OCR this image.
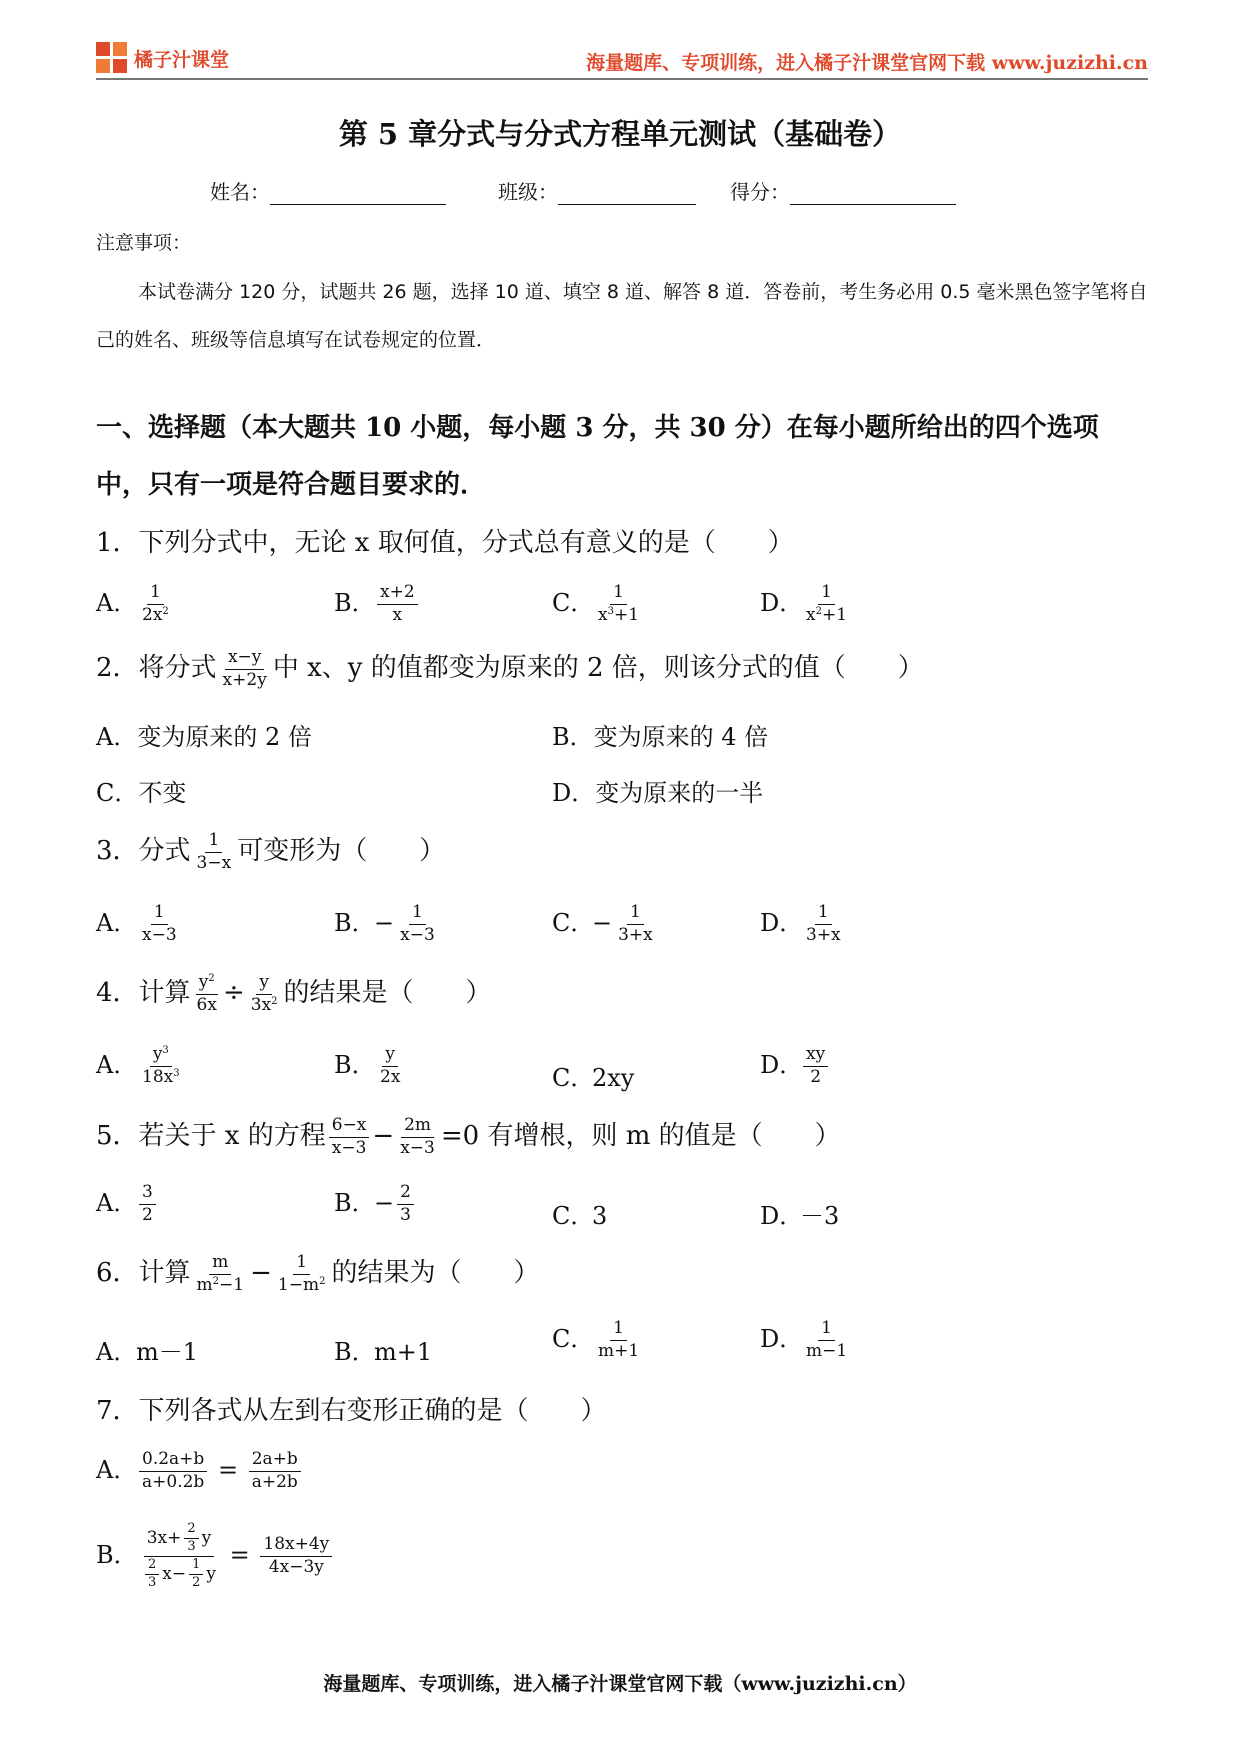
橘子汁课堂	海量题库、专项训练，进入橘子汁课堂官网下载 www.juzizhi.cn
第 5 章分式与分式方程单元测试（基础卷）
姓名：	班级：	得分：
注意事项：
本试卷满分 120 分，试题共 26 题，选择 10 道、填空 8 道、解答 8 道．答卷前，考生务必用 0.5 毫米黑色签字笔将自己的姓名、班级等信息填写在试卷规定的位置．
一、选择题（本大题共 10 小题，每小题 3 分，共 30 分）在每小题所给出的四个选项中，只有一项是符合题目要求的．
1．下列分式中，无论 x 取何值，分式总有意义的是（　　）
A． $\frac{1}{2x^2}$	B． $\frac{x+2}{x}$	C． $\frac{1}{x^3+1}$	D． $\frac{1}{x^2+1}$
2．将分式 $\frac{x-y}{x+2y}$ 中 x、y 的值都变为原来的 2 倍，则该分式的值（　　）
A．变为原来的 2 倍	B．变为原来的 4 倍
C．不变	D．变为原来的一半
3．分式 $\frac{1}{3-x}$ 可变形为（　　）
A． $\frac{1}{x-3}$	B．− $\frac{1}{x-3}$	C．− $\frac{1}{3+x}$	D． $\frac{1}{3+x}$
4．计算 $\frac{y^2}{6x} \div \frac{y}{3x^2}$ 的结果是（　　）
A． $\frac{y^3}{18x^3}$	B． $\frac{y}{2x}$	C．2xy	D． $\frac{xy}{2}$
5．若关于 x 的方程 $\frac{6-x}{x-3} - \frac{2m}{x-3} =0$ 有增根，则 m 的值是（　　）
A． $\frac{3}{2}$	B．− $\frac{2}{3}$	C．3	D．－3
6．计算 $\frac{m}{m^2-1} - \frac{1}{1-m^2}$ 的结果为（　　）
A．m－1	B．m+1	C． $\frac{1}{m+1}$	D． $\frac{1}{m-1}$
7．下列各式从左到右变形正确的是（　　）
A． $\frac{0.2a+b}{a+0.2b} = \frac{2a+b}{a+2b}$
B． $\frac{3x+ \frac{2}{3} y}{\frac{2}{3} x- \frac{1}{2} y} = \frac{18x+4y}{4x-3y}$
海量题库、专项训练，进入橘子汁课堂官网下载（www.juzizhi.cn）
